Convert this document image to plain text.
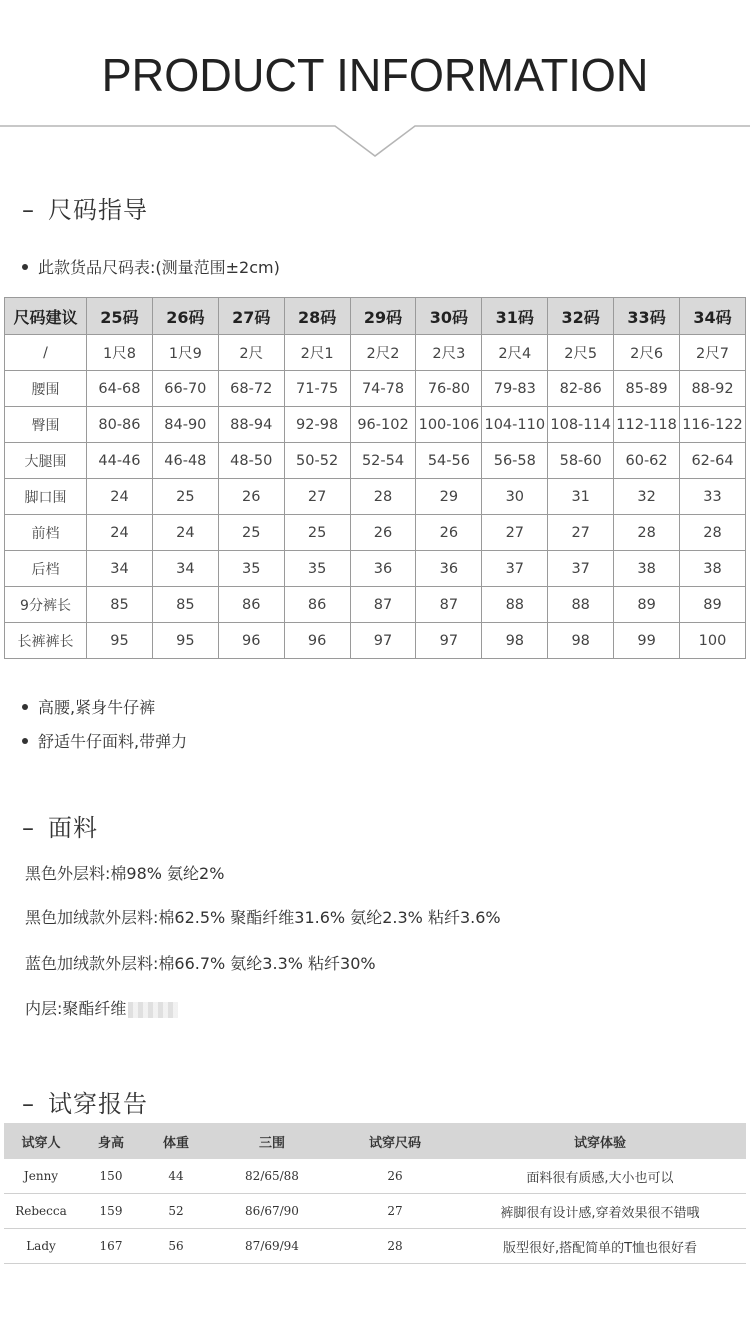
PRODUCT INFORMATION
– 尺码指导
此款货品尺码表:(测量范围±2cm)
尺码建议	25码	26码	27码	28码	29码	30码	31码	32码	33码	34码
/	1尺8	1尺9	2尺	2尺1	2尺2	2尺3	2尺4	2尺5	2尺6	2尺7
腰围	64-68	66-70	68-72	71-75	74-78	76-80	79-83	82-86	85-89	88-92
臀围	80-86	84-90	88-94	92-98	96-102	100-106	104-110	108-114	112-118	116-122
大腿围	44-46	46-48	48-50	50-52	52-54	54-56	56-58	58-60	60-62	62-64
脚口围	24	25	26	27	28	29	30	31	32	33
前档	24	24	25	25	26	26	27	27	28	28
后档	34	34	35	35	36	36	37	37	38	38
9分裤长	85	85	86	86	87	87	88	88	89	89
长裤裤长	95	95	96	96	97	97	98	98	99	100
高腰,紧身牛仔裤
舒适牛仔面料,带弹力
– 面料
黑色外层料:棉98% 氨纶2%
黑色加绒款外层料:棉62.5% 聚酯纤维31.6% 氨纶2.3% 粘纤3.6%
蓝色加绒款外层料:棉66.7% 氨纶3.3% 粘纤30%
内层:聚酯纤维
– 试穿报告
试穿人	身高	体重	三围	试穿尺码	试穿体验
Jenny	150	44	82/65/88	26	面料很有质感,大小也可以
Rebecca	159	52	86/67/90	27	裤脚很有设计感,穿着效果很不错哦
Lady	167	56	87/69/94	28	版型很好,搭配简单的T恤也很好看
